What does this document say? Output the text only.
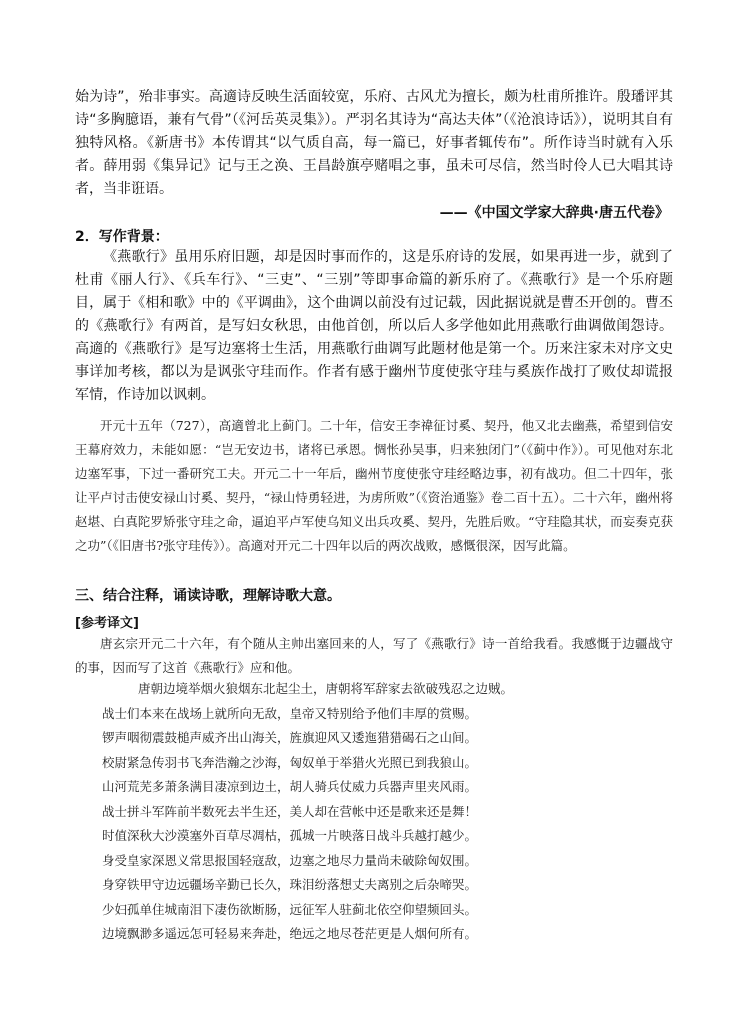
始为诗”，殆非事实。高適诗反映生活面较宽，乐府、古风尤为擅长，颇为杜甫所推许。殷璠评其诗“多胸臆语，兼有气骨”（《河岳英灵集》）。严羽名其诗为“高达夫体”（《沧浪诗话》），说明其自有独特风格。《新唐书》本传谓其“以气质自高，每一篇已，好事者辄传布”。所作诗当时就有入乐者。薛用弱《集异记》记与王之涣、王昌龄旗亭赌唱之事，虽未可尽信，然当时伶人已大唱其诗者，当非诳语。

——《中国文学家大辞典·唐五代卷》
2．写作背景：

《燕歌行》虽用乐府旧题，却是因时事而作的，这是乐府诗的发展，如果再进一步，就到了杜甫《丽人行》、《兵车行》、“三吏”、“三别”等即事命篇的新乐府了。《燕歌行》是一个乐府题目，属于《相和歌》中的《平调曲》，这个曲调以前没有过记载，因此据说就是曹丕开创的。曹丕的《燕歌行》有两首，是写妇女秋思，由他首创，所以后人多学他如此用燕歌行曲调做闺怨诗。高適的《燕歌行》是写边塞将士生活，用燕歌行曲调写此题材他是第一个。历来注家未对序文史事详加考核，都以为是讽张守珪而作。作者有感于幽州节度使张守珪与奚族作战打了败仗却谎报军情，作诗加以讽刺。

开元十五年（727），高適曾北上蓟门。二十年，信安王李禕征讨奚、契丹，他又北去幽燕，希望到信安王幕府效力，未能如愿：“岂无安边书，诸将已承恩。惆怅孙吴事，归来独闭门”（《蓟中作》）。可见他对东北边塞军事，下过一番研究工夫。开元二十一年后，幽州节度使张守珪经略边事，初有战功。但二十四年，张让平卢讨击使安禄山讨奚、契丹，“禄山恃勇轻进，为虏所败”（《资治通鉴》卷二百十五）。二十六年，幽州将赵堪、白真陀罗矫张守珪之命，逼迫平卢军使乌知义出兵攻奚、契丹，先胜后败。“守珪隐其状，而妄奏克获之功”（《旧唐书?张守珪传》）。高適对开元二十四年以后的两次战败，感慨很深，因写此篇。

三、结合注释，诵读诗歌，理解诗歌大意。
[参考译文]

唐玄宗开元二十六年，有个随从主帅出塞回来的人，写了《燕歌行》诗一首给我看。我感慨于边疆战守的事，因而写了这首《燕歌行》应和他。

唐朝边境举烟火狼烟东北起尘土，唐朝将军辞家去欲破残忍之边贼。
战士们本来在战场上就所向无敌，皇帝又特别给予他们丰厚的赏赐。
锣声咽彻震鼓槌声威齐出山海关，旌旗迎风又逶迤猎猎碣石之山间。
校尉紧急传羽书飞奔浩瀚之沙海，匈奴单于举猎火光照已到我狼山。
山河荒芜多萧条满目凄凉到边土，胡人骑兵仗威力兵器声里夹风雨。
战士拼斗军阵前半数死去半生还，美人却在营帐中还是歌来还是舞！
时值深秋大沙漠塞外百草尽凋枯，孤城一片映落日战斗兵越打越少。
身受皇家深恩义常思报国轻寇敌，边塞之地尽力量尚未破除匈奴围。
身穿铁甲守边远疆场辛勤已长久，珠泪纷落想丈夫离别之后杂啼哭。
少妇孤单住城南泪下凄伤欲断肠，远征军人驻蓟北依空仰望频回头。
边境飘渺多遥远怎可轻易来奔赴，绝远之地尽苍茫更是人烟何所有。
